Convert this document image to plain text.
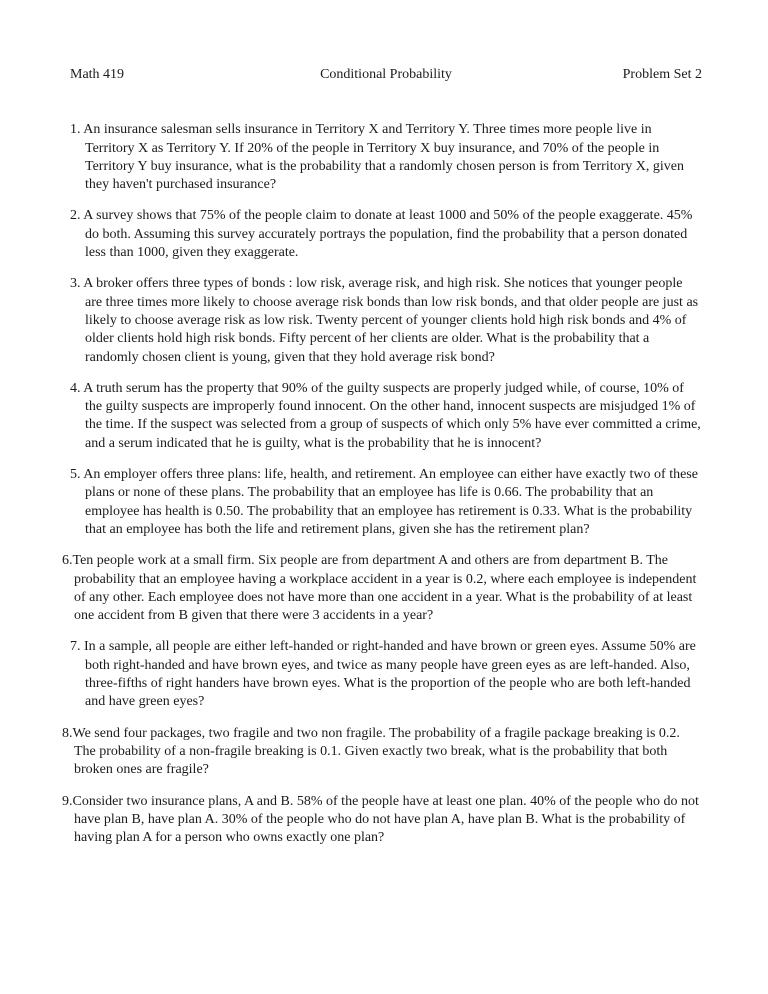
Math 419	Conditional Probability	Problem Set 2
1. An insurance salesman sells insurance in Territory X and Territory Y. Three times more people live in Territory X as Territory Y. If 20% of the people in Territory X buy insurance, and 70% of the people in Territory Y buy insurance, what is the probability that a randomly chosen person is from Territory X, given they haven't purchased insurance?
2. A survey shows that 75% of the people claim to donate at least 1000 and 50% of the people exaggerate. 45% do both. Assuming this survey accurately portrays the population, find the probability that a person donated less than 1000, given they exaggerate.
3. A broker offers three types of bonds : low risk, average risk, and high risk. She notices that younger people are three times more likely to choose average risk bonds than low risk bonds, and that older people are just as likely to choose average risk as low risk. Twenty percent of younger clients hold high risk bonds and 4% of older clients hold high risk bonds. Fifty percent of her clients are older. What is the probability that a randomly chosen client is young, given that they hold average risk bond?
4. A truth serum has the property that 90% of the guilty suspects are properly judged while, of course, 10% of the guilty suspects are improperly found innocent. On the other hand, innocent suspects are misjudged 1% of the time. If the suspect was selected from a group of suspects of which only 5% have ever committed a crime, and a serum indicated that he is guilty, what is the probability that he is innocent?
5. An employer offers three plans: life, health, and retirement. An employee can either have exactly two of these plans or none of these plans. The probability that an employee has life is 0.66. The probability that an employee has health is 0.50. The probability that an employee has retirement is 0.33. What is the probability that an employee has both the life and retirement plans, given she has the retirement plan?
6.Ten people work at a small firm. Six people are from department A and others are from department B. The probability that an employee having a workplace accident in a year is 0.2, where each employee is independent of any other. Each employee does not have more than one accident in a year. What is the probability of at least one accident from B given that there were 3 accidents in a year?
7. In a sample, all people are either left-handed or right-handed and have brown or green eyes. Assume 50% are both right-handed and have brown eyes, and twice as many people have green eyes as are left-handed. Also, three-fifths of right handers have brown eyes. What is the proportion of the people who are both left-handed and have green eyes?
8.We send four packages, two fragile and two non fragile. The probability of a fragile package breaking is 0.2. The probability of a non-fragile breaking is 0.1. Given exactly two break, what is the probability that both broken ones are fragile?
9.Consider two insurance plans, A and B. 58% of the people have at least one plan. 40% of the people who do not have plan B, have plan A. 30% of the people who do not have plan A, have plan B. What is the probability of having plan A for a person who owns exactly one plan?
